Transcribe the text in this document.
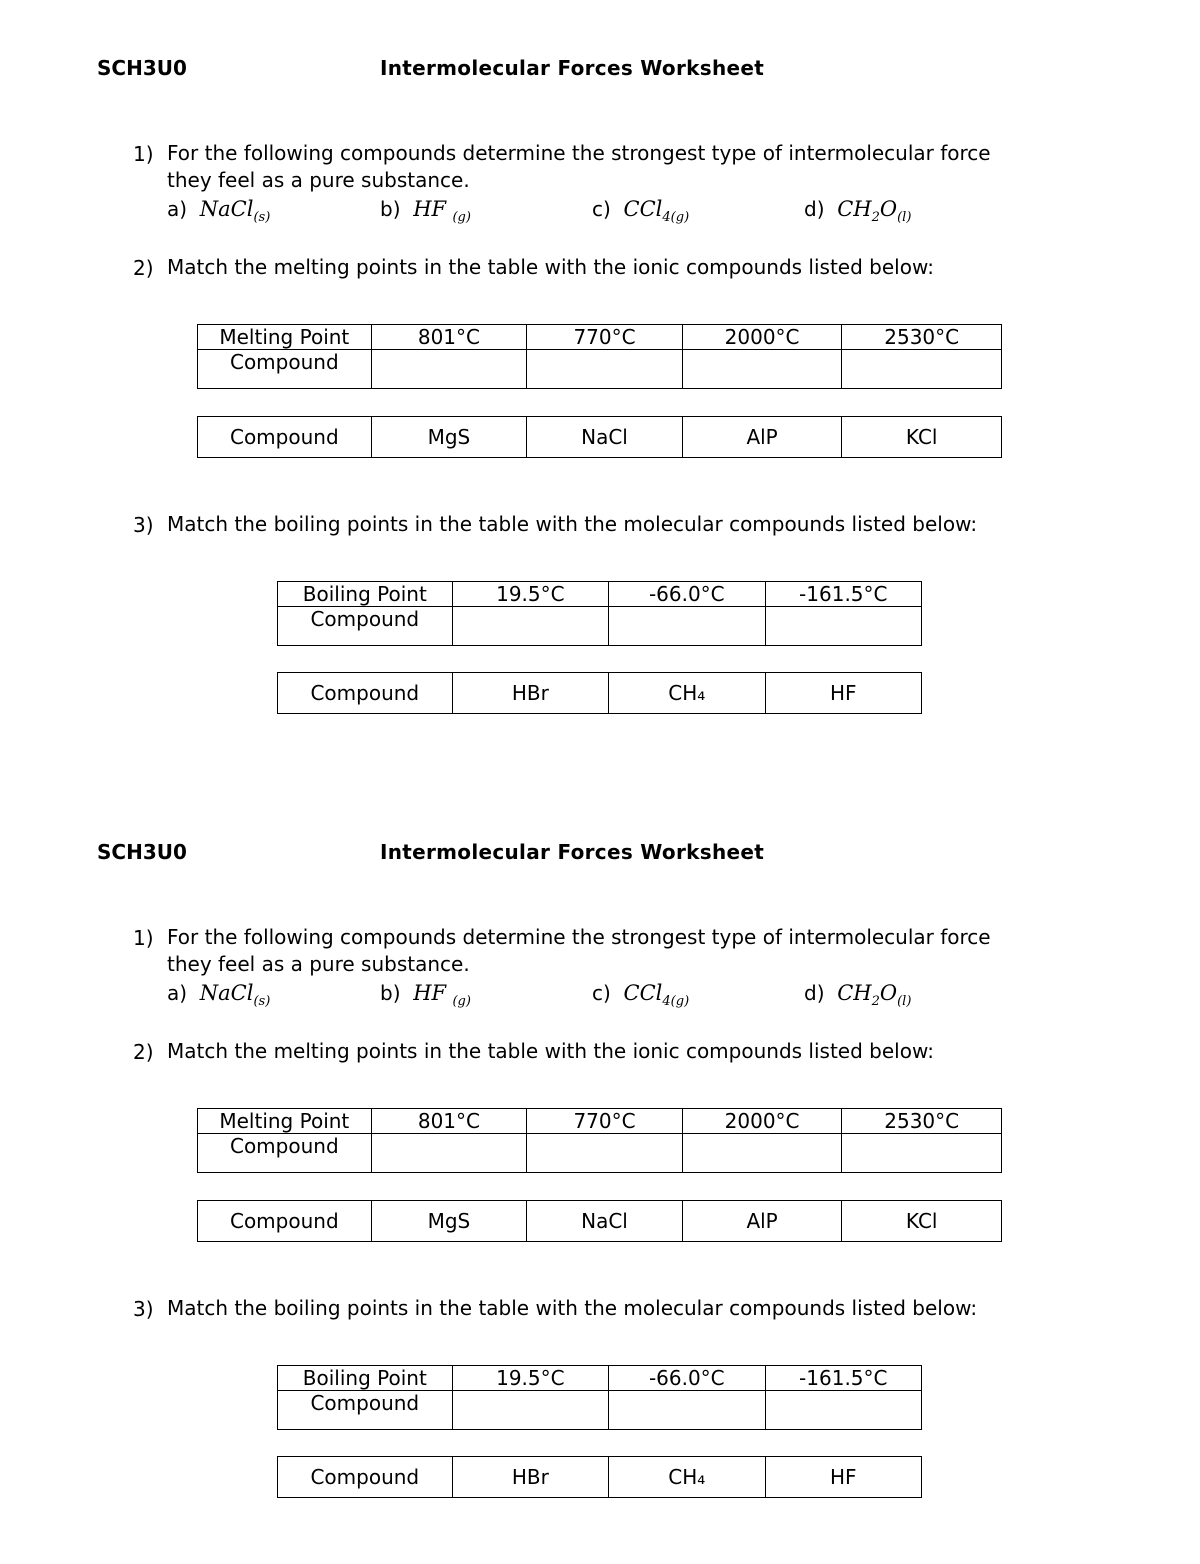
SCH3U0	Intermolecular Forces Worksheet
1) For the following compounds determine the strongest type of intermolecular force
they feel as a pure substance.
a) NaCl$_{(s)}$	b) HF $_{(g)}$	c) CCl$_{4(g)}$	d) $CH_2O_{(l)}$
2) Match the melting points in the table with the ionic compounds listed below:
Melting Point	801°C	770°C	2000°C	2530°C
Compound				
Compound	MgS	NaCl	AlP	KCl
3) Match the boiling points in the table with the molecular compounds listed below:
Boiling Point	19.5°C	-66.0°C	-161.5°C
Compound			
Compound	HBr	CH₄	HF
SCH3U0	Intermolecular Forces Worksheet
1) For the following compounds determine the strongest type of intermolecular force
they feel as a pure substance.
a) NaCl$_{(s)}$	b) HF $_{(g)}$	c) CCl$_{4(g)}$	d) $CH_2O_{(l)}$
2) Match the melting points in the table with the ionic compounds listed below:
Melting Point	801°C	770°C	2000°C	2530°C
Compound				
Compound	MgS	NaCl	AlP	KCl
3) Match the boiling points in the table with the molecular compounds listed below:
Boiling Point	19.5°C	-66.0°C	-161.5°C
Compound			
Compound	HBr	CH₄	HF
